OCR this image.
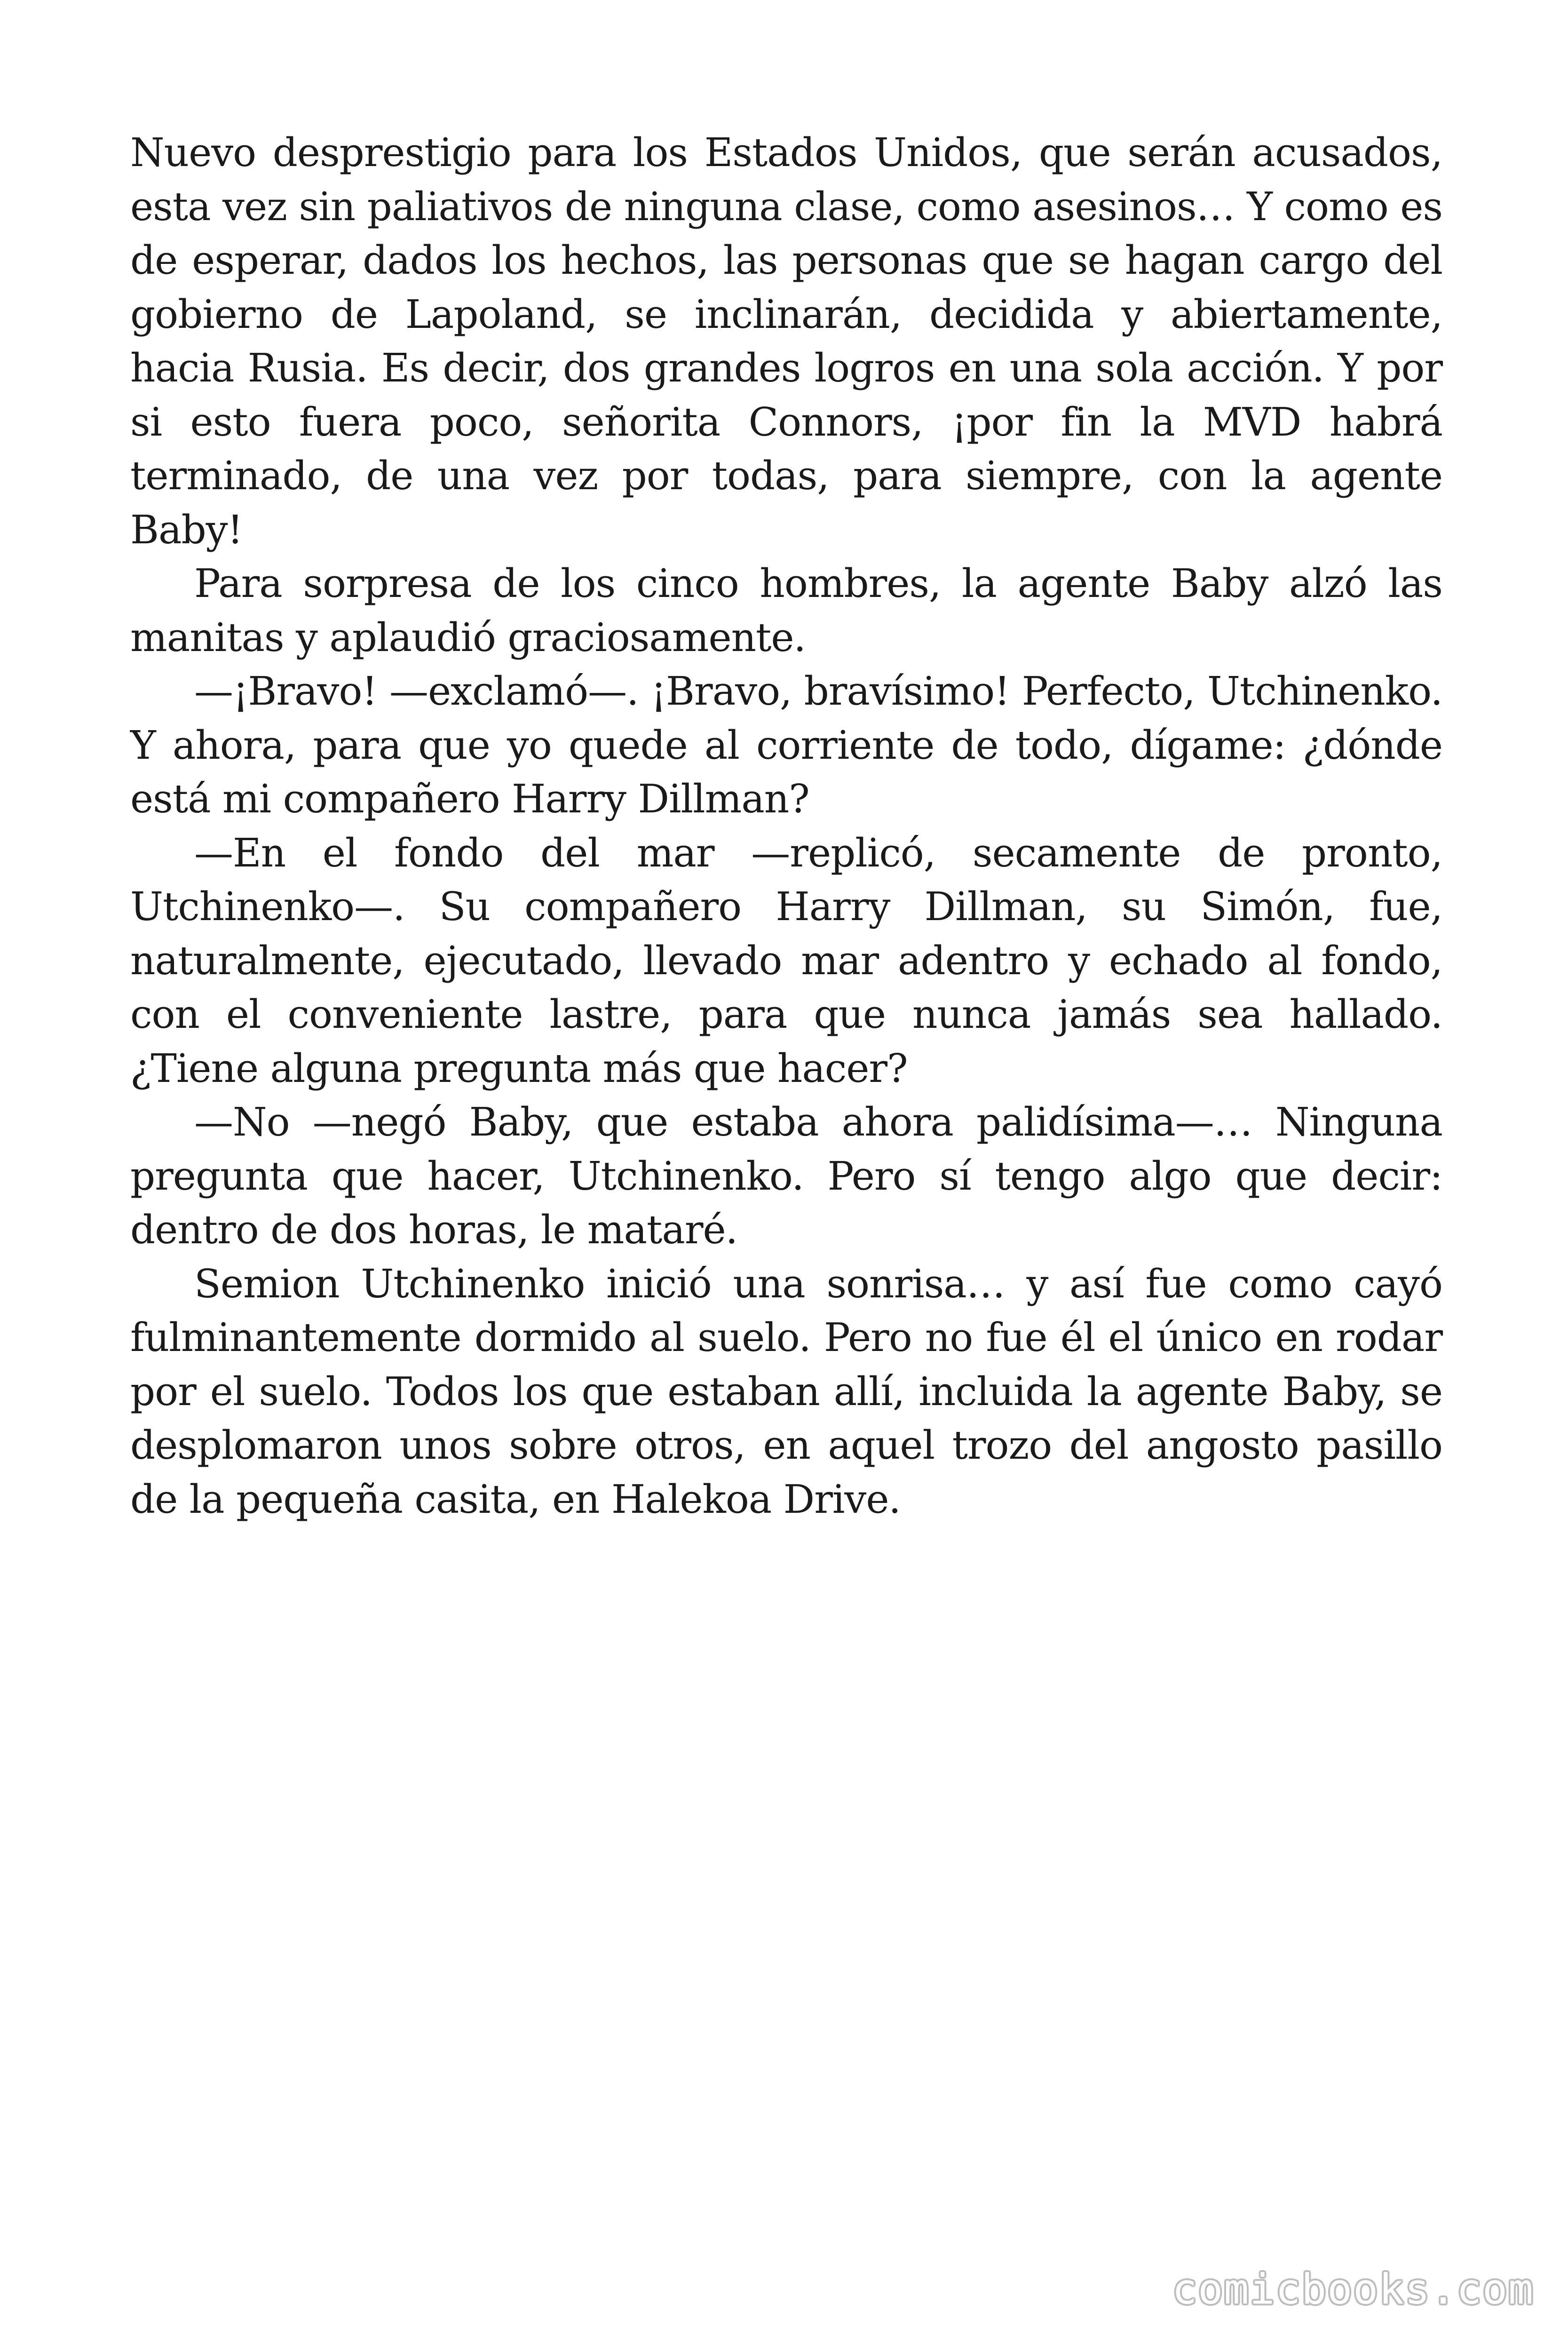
Nuevo desprestigio para los Estados Unidos, que serán acusados, esta vez sin paliativos de ninguna clase, como asesinos… Y como es de esperar, dados los hechos, las personas que se hagan cargo del gobierno de Lapoland, se inclinarán, decidida y abiertamente, hacia Rusia. Es decir, dos grandes logros en una sola acción. Y por si esto fuera poco, señorita Connors, ¡por fin la MVD habrá terminado, de una vez por todas, para siempre, con la agente Baby!

Para sorpresa de los cinco hombres, la agente Baby alzó las manitas y aplaudió graciosamente.

—¡Bravo! —exclamó—. ¡Bravo, bravísimo! Perfecto, Utchinenko. Y ahora, para que yo quede al corriente de todo, dígame: ¿dónde está mi compañero Harry Dillman?

—En el fondo del mar —replicó, secamente de pronto, Utchinenko—. Su compañero Harry Dillman, su Simón, fue, naturalmente, ejecutado, llevado mar adentro y echado al fondo, con el conveniente lastre, para que nunca jamás sea hallado. ¿Tiene alguna pregunta más que hacer?

—No —negó Baby, que estaba ahora palidísima—… Ninguna pregunta que hacer, Utchinenko. Pero sí tengo algo que decir: dentro de dos horas, le mataré.

Semion Utchinenko inició una sonrisa… y así fue como cayó fulminantemente dormido al suelo. Pero no fue él el único en rodar por el suelo. Todos los que estaban allí, incluida la agente Baby, se desplomaron unos sobre otros, en aquel trozo del angosto pasillo de la pequeña casita, en Halekoa Drive.

comicbooks.com
